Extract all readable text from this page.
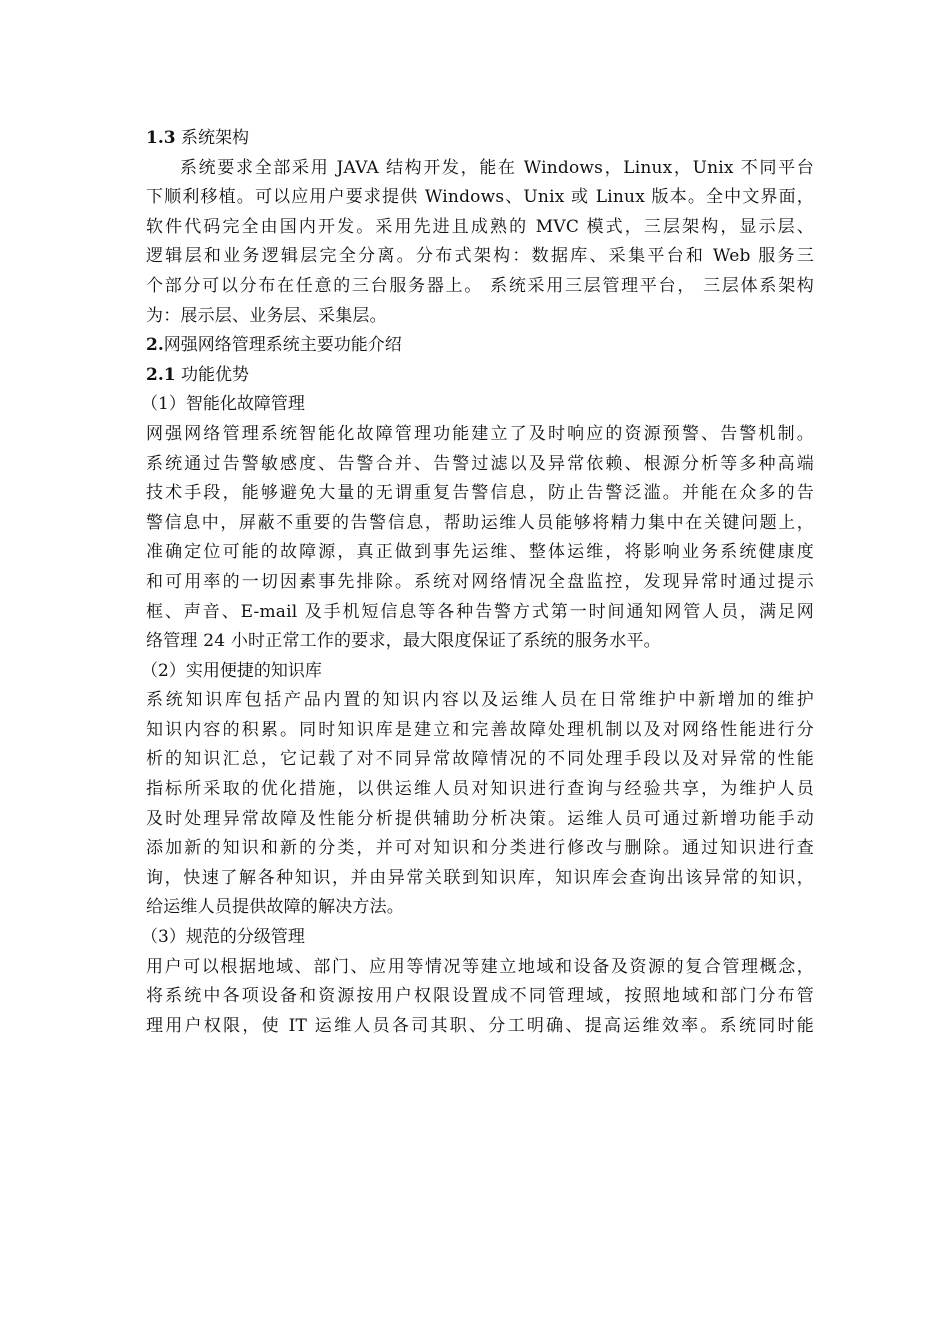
1.3 系统架构
系统要求全部采用 JAVA 结构开发，能在 Windows，Linux，Unix 不同平台
下顺利移植。可以应用户要求提供 Windows、Unix 或 Linux 版本。全中文界面，
软件代码完全由国内开发。采用先进且成熟的 MVC 模式，三层架构，显示层、
逻辑层和业务逻辑层完全分离。分布式架构：数据库、采集平台和 Web 服务三
个部分可以分布在任意的三台服务器上。 系统采用三层管理平台， 三层体系架构
为：展示层、业务层、采集层。
2.网强网络管理系统主要功能介绍
2.1 功能优势
（1）智能化故障管理
网强网络管理系统智能化故障管理功能建立了及时响应的资源预警、告警机制。
系统通过告警敏感度、告警合并、告警过滤以及异常依赖、根源分析等多种高端
技术手段，能够避免大量的无谓重复告警信息，防止告警泛滥。并能在众多的告
警信息中，屏蔽不重要的告警信息，帮助运维人员能够将精力集中在关键问题上，
准确定位可能的故障源，真正做到事先运维、整体运维，将影响业务系统健康度
和可用率的一切因素事先排除。系统对网络情况全盘监控，发现异常时通过提示
框、声音、E-mail 及手机短信息等各种告警方式第一时间通知网管人员，满足网
络管理 24 小时正常工作的要求，最大限度保证了系统的服务水平。
（2）实用便捷的知识库
系统知识库包括产品内置的知识内容以及运维人员在日常维护中新增加的维护
知识内容的积累。同时知识库是建立和完善故障处理机制以及对网络性能进行分
析的知识汇总，它记载了对不同异常故障情况的不同处理手段以及对异常的性能
指标所采取的优化措施，以供运维人员对知识进行查询与经验共享，为维护人员
及时处理异常故障及性能分析提供辅助分析决策。运维人员可通过新增功能手动
添加新的知识和新的分类，并可对知识和分类进行修改与删除。通过知识进行查
询，快速了解各种知识，并由异常关联到知识库，知识库会查询出该异常的知识，
给运维人员提供故障的解决方法。
（3）规范的分级管理
用户可以根据地域、部门、应用等情况等建立地域和设备及资源的复合管理概念，
将系统中各项设备和资源按用户权限设置成不同管理域，按照地域和部门分布管
理用户权限，使 IT 运维人员各司其职、分工明确、提高运维效率。系统同时能
